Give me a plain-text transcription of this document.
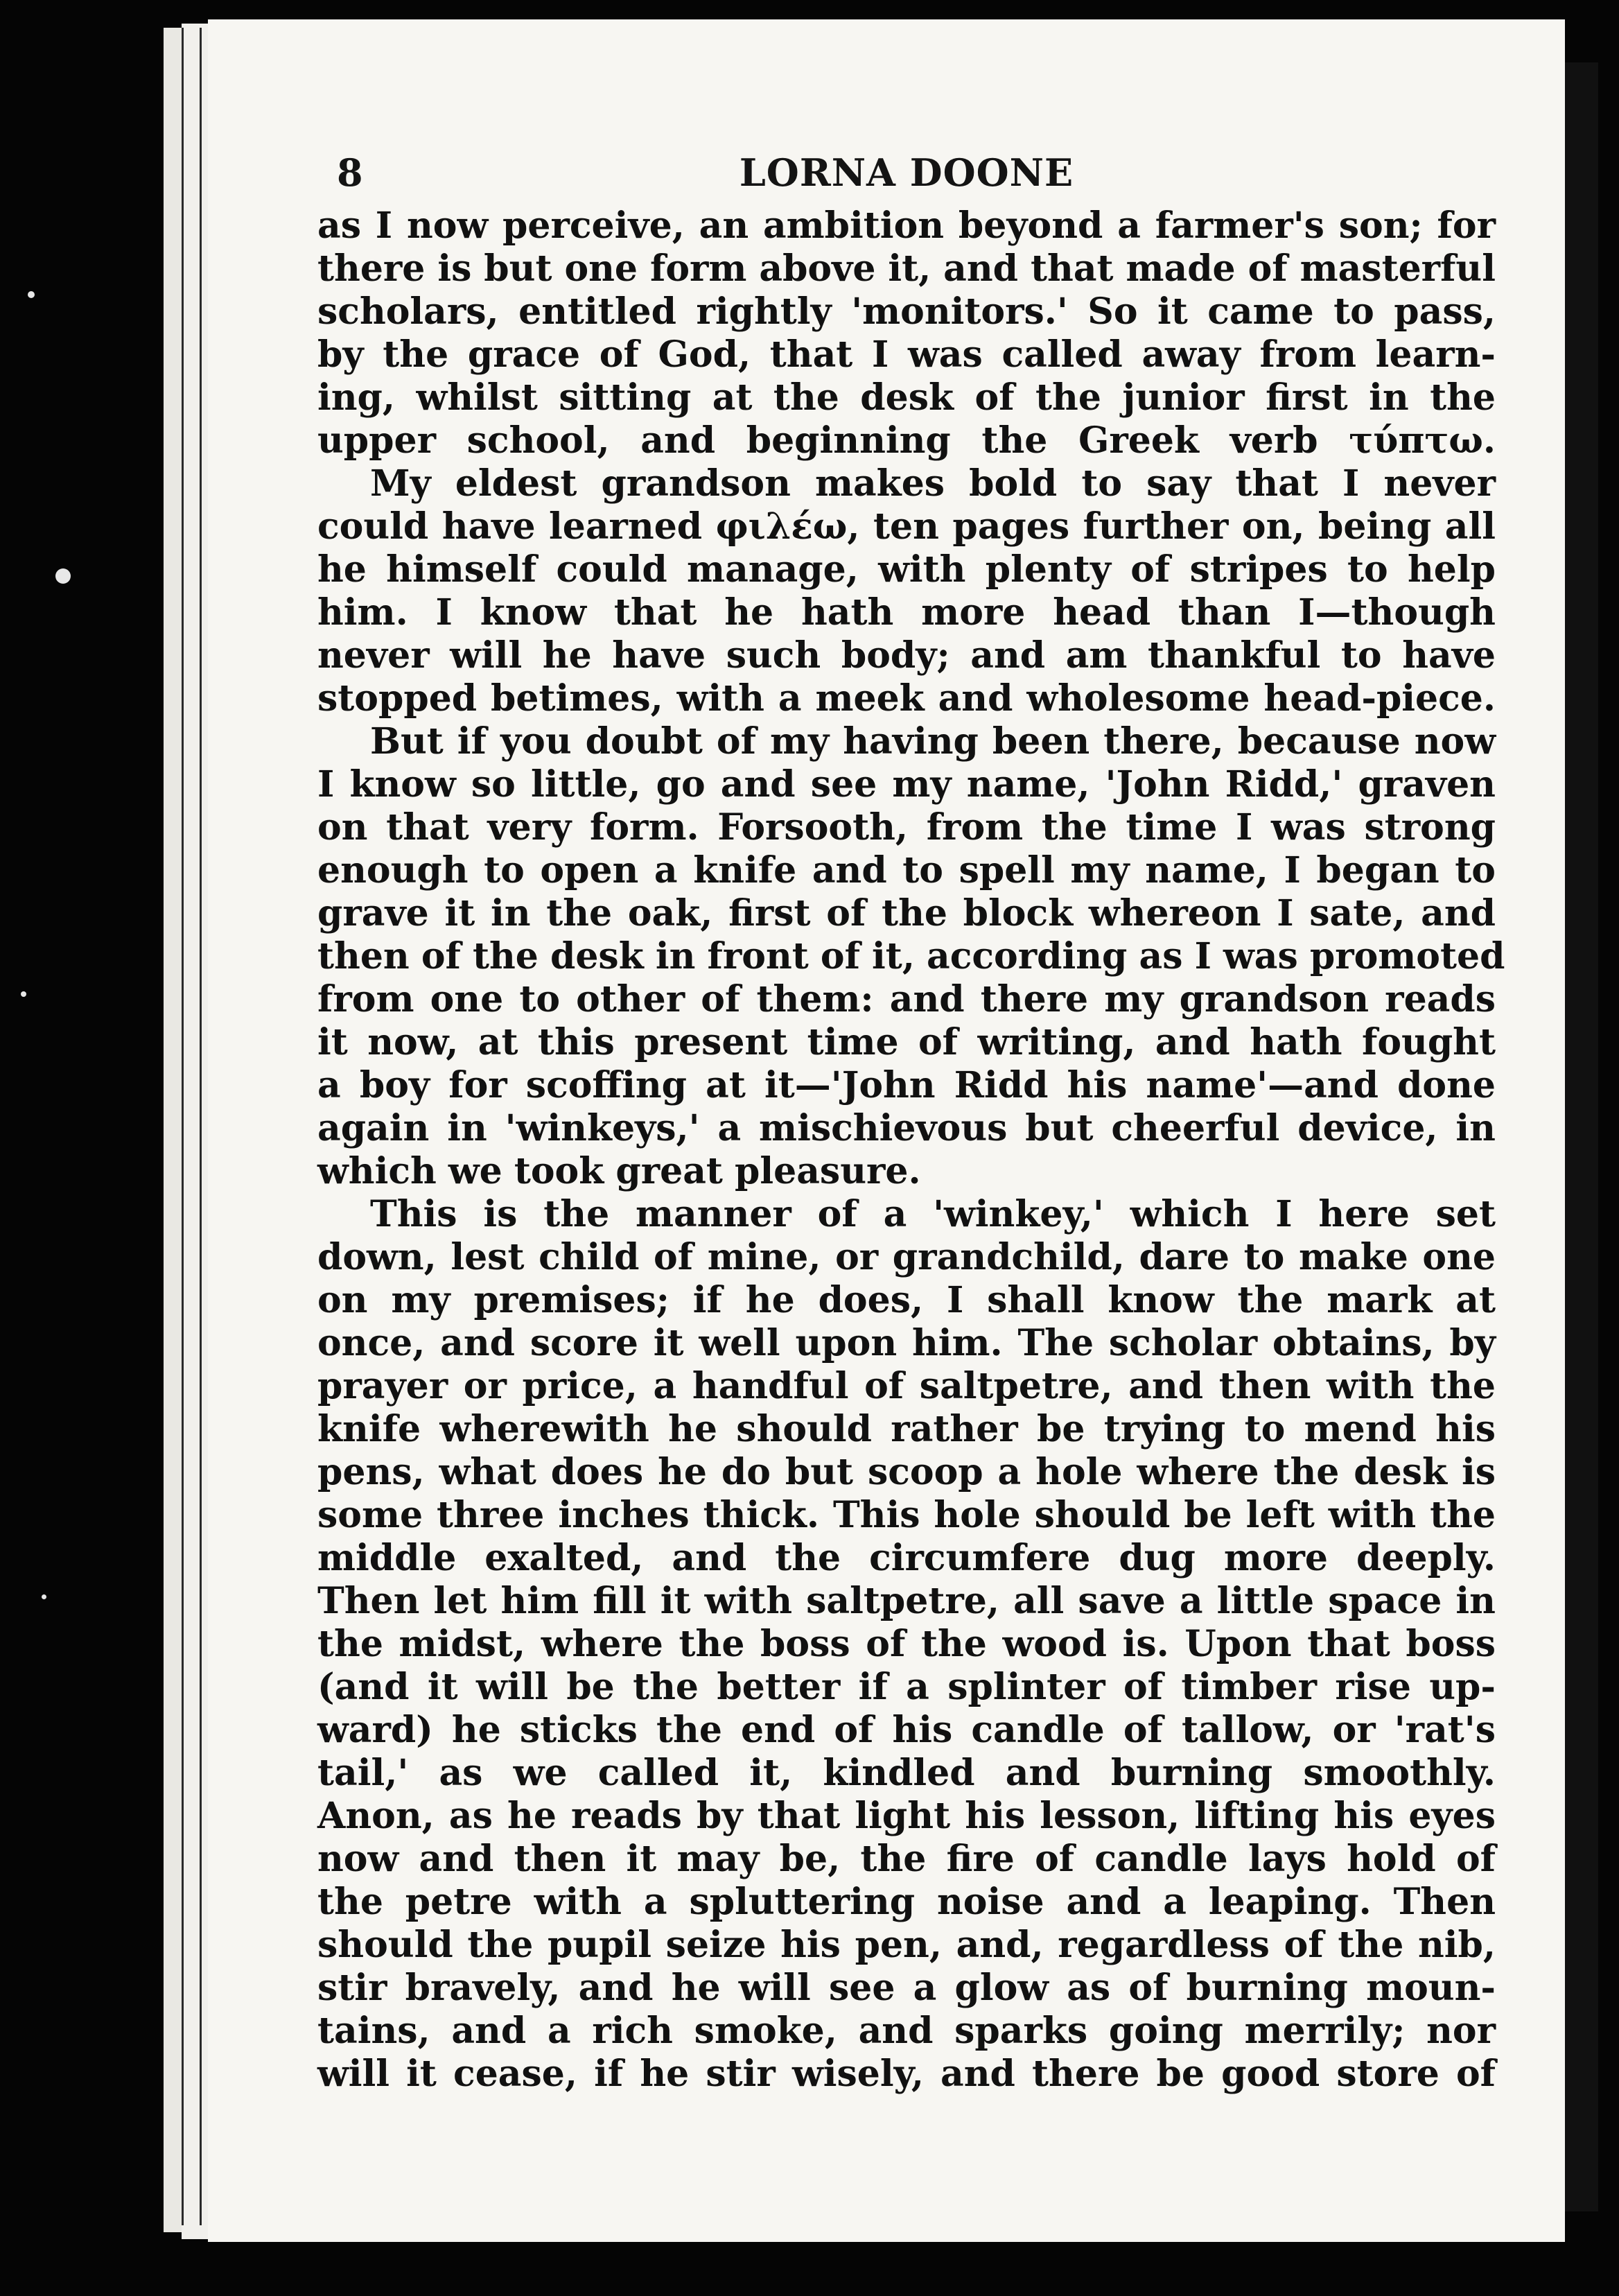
8	LORNA DOONE
as I now perceive, an ambition beyond a farmer's son; for
there is but one form above it, and that made of masterful
scholars, entitled rightly 'monitors.' So it came to pass,
by the grace of God, that I was called away from learn-
ing, whilst sitting at the desk of the junior first in the
upper school, and beginning the Greek verb τύπτω.
My eldest grandson makes bold to say that I never
could have learned φιλέω, ten pages further on, being all
he himself could manage, with plenty of stripes to help
him. I know that he hath more head than I—though
never will he have such body; and am thankful to have
stopped betimes, with a meek and wholesome head-piece.
But if you doubt of my having been there, because now
I know so little, go and see my name, 'John Ridd,' graven
on that very form. Forsooth, from the time I was strong
enough to open a knife and to spell my name, I began to
grave it in the oak, first of the block whereon I sate, and
then of the desk in front of it, according as I was promoted
from one to other of them: and there my grandson reads
it now, at this present time of writing, and hath fought
a boy for scoffing at it—'John Ridd his name'—and done
again in 'winkeys,' a mischievous but cheerful device, in
which we took great pleasure.
This is the manner of a 'winkey,' which I here set
down, lest child of mine, or grandchild, dare to make one
on my premises; if he does, I shall know the mark at
once, and score it well upon him. The scholar obtains, by
prayer or price, a handful of saltpetre, and then with the
knife wherewith he should rather be trying to mend his
pens, what does he do but scoop a hole where the desk is
some three inches thick. This hole should be left with the
middle exalted, and the circumfere dug more deeply.
Then let him fill it with saltpetre, all save a little space in
the midst, where the boss of the wood is. Upon that boss
(and it will be the better if a splinter of timber rise up-
ward) he sticks the end of his candle of tallow, or 'rat's
tail,' as we called it, kindled and burning smoothly.
Anon, as he reads by that light his lesson, lifting his eyes
now and then it may be, the fire of candle lays hold of
the petre with a spluttering noise and a leaping. Then
should the pupil seize his pen, and, regardless of the nib,
stir bravely, and he will see a glow as of burning moun-
tains, and a rich smoke, and sparks going merrily; nor
will it cease, if he stir wisely, and there be good store of
